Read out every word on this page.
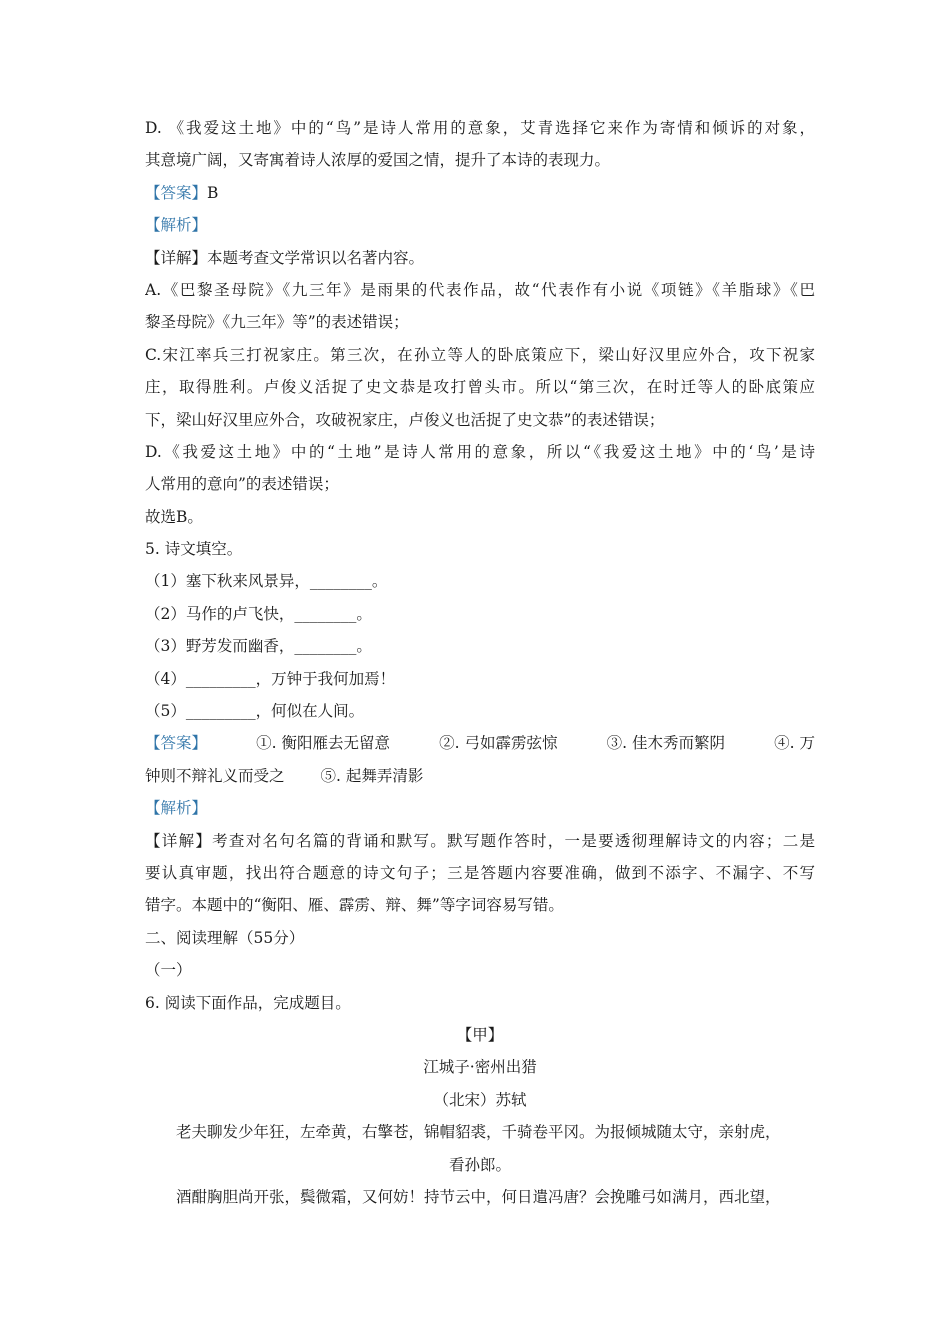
D. 《我爱这土地》中的“鸟”是诗人常用的意象，艾青选择它来作为寄情和倾诉的对象，
其意境广阔，又寄寓着诗人浓厚的爱国之情，提升了本诗的表现力。
【答案】B
【解析】
【详解】本题考查文学常识以名著内容。
A.《巴黎圣母院》《九三年》是雨果的代表作品，故“代表作有小说《项链》《羊脂球》《巴
黎圣母院》《九三年》等”的表述错误；
C.宋江率兵三打祝家庄。第三次，在孙立等人的卧底策应下，梁山好汉里应外合，攻下祝家
庄，取得胜利。卢俊义活捉了史文恭是攻打曾头市。所以“第三次，在时迁等人的卧底策应
下，梁山好汉里应外合，攻破祝家庄，卢俊义也活捉了史文恭”的表述错误；
D.《我爱这土地》中的“土地”是诗人常用的意象，所以“《我爱这土地》中的‘鸟’是诗
人常用的意向”的表述错误；
故选B。
5. 诗文填空。
（1）塞下秋来风景异，________。
（2）马作的卢飞快，________。
（3）野芳发而幽香，________。
（4）_________，万钟于我何加焉！
（5）_________，何似在人间。
【答案】	①. 衡阳雁去无留意	②. 弓如霹雳弦惊	③. 佳木秀而繁阴	④. 万
钟则不辩礼义而受之 ⑤. 起舞弄清影
【解析】
【详解】考查对名句名篇的背诵和默写。默写题作答时，一是要透彻理解诗文的内容；二是
要认真审题，找出符合题意的诗文句子；三是答题内容要准确，做到不添字、不漏字、不写
错字。本题中的“衡阳、雁、霹雳、辩、舞”等字词容易写错。
二、阅读理解（55分）
（一）
6. 阅读下面作品，完成题目。
【甲】
江城子·密州出猎
（北宋）苏轼
老夫聊发少年狂，左牵黄，右擎苍，锦帽貂裘，千骑卷平冈。为报倾城随太守，亲射虎，
看孙郎。
酒酣胸胆尚开张，鬓微霜，又何妨！持节云中，何日遣冯唐？会挽雕弓如满月，西北望，
